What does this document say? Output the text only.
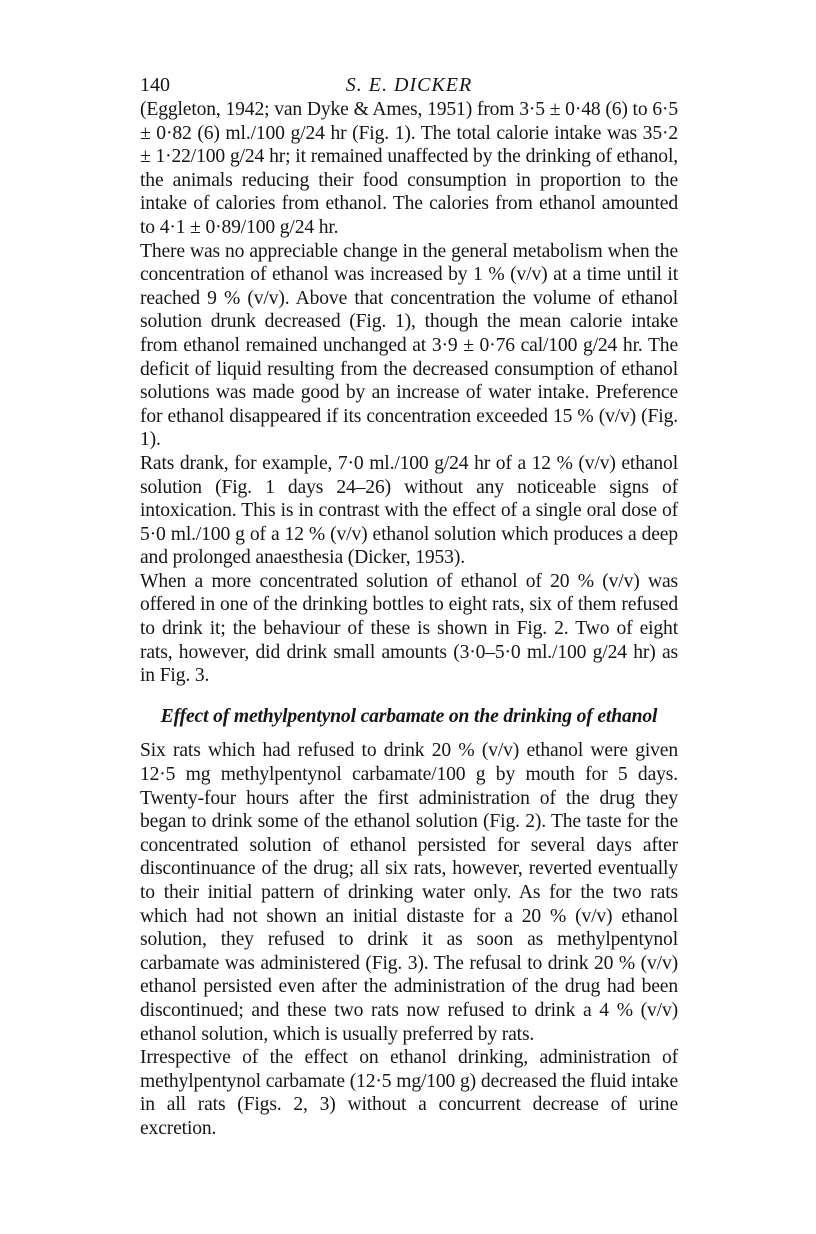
140	S. E. DICKER

(Eggleton, 1942; van Dyke & Ames, 1951) from 3·5 ± 0·48 (6) to 6·5 ± 0·82 (6) ml./100 g/24 hr (Fig. 1). The total calorie intake was 35·2 ± 1·22/100 g/24 hr; it remained unaffected by the drinking of ethanol, the animals reducing their food consumption in proportion to the intake of calories from ethanol. The calories from ethanol amounted to 4·1 ± 0·89/100 g/24 hr.

There was no appreciable change in the general metabolism when the concentration of ethanol was increased by 1 % (v/v) at a time until it reached 9 % (v/v). Above that concentration the volume of ethanol solution drunk decreased (Fig. 1), though the mean calorie intake from ethanol remained unchanged at 3·9 ± 0·76 cal/100 g/24 hr. The deficit of liquid resulting from the decreased consumption of ethanol solutions was made good by an increase of water intake. Preference for ethanol disappeared if its concentration exceeded 15 % (v/v) (Fig. 1).

Rats drank, for example, 7·0 ml./100 g/24 hr of a 12 % (v/v) ethanol solution (Fig. 1 days 24–26) without any noticeable signs of intoxication. This is in contrast with the effect of a single oral dose of 5·0 ml./100 g of a 12 % (v/v) ethanol solution which produces a deep and prolonged anaesthesia (Dicker, 1953).

When a more concentrated solution of ethanol of 20 % (v/v) was offered in one of the drinking bottles to eight rats, six of them refused to drink it; the behaviour of these is shown in Fig. 2. Two of eight rats, however, did drink small amounts (3·0–5·0 ml./100 g/24 hr) as in Fig. 3.

Effect of methylpentynol carbamate on the drinking of ethanol

Six rats which had refused to drink 20 % (v/v) ethanol were given 12·5 mg methylpentynol carbamate/100 g by mouth for 5 days. Twenty-four hours after the first administration of the drug they began to drink some of the ethanol solution (Fig. 2). The taste for the concentrated solution of ethanol persisted for several days after discontinuance of the drug; all six rats, however, reverted eventually to their initial pattern of drinking water only. As for the two rats which had not shown an initial distaste for a 20 % (v/v) ethanol solution, they refused to drink it as soon as methylpentynol carbamate was administered (Fig. 3). The refusal to drink 20 % (v/v) ethanol persisted even after the administration of the drug had been discontinued; and these two rats now refused to drink a 4 % (v/v) ethanol solution, which is usually preferred by rats.

Irrespective of the effect on ethanol drinking, administration of methylpentynol carbamate (12·5 mg/100 g) decreased the fluid intake in all rats (Figs. 2, 3) without a concurrent decrease of urine excretion.
